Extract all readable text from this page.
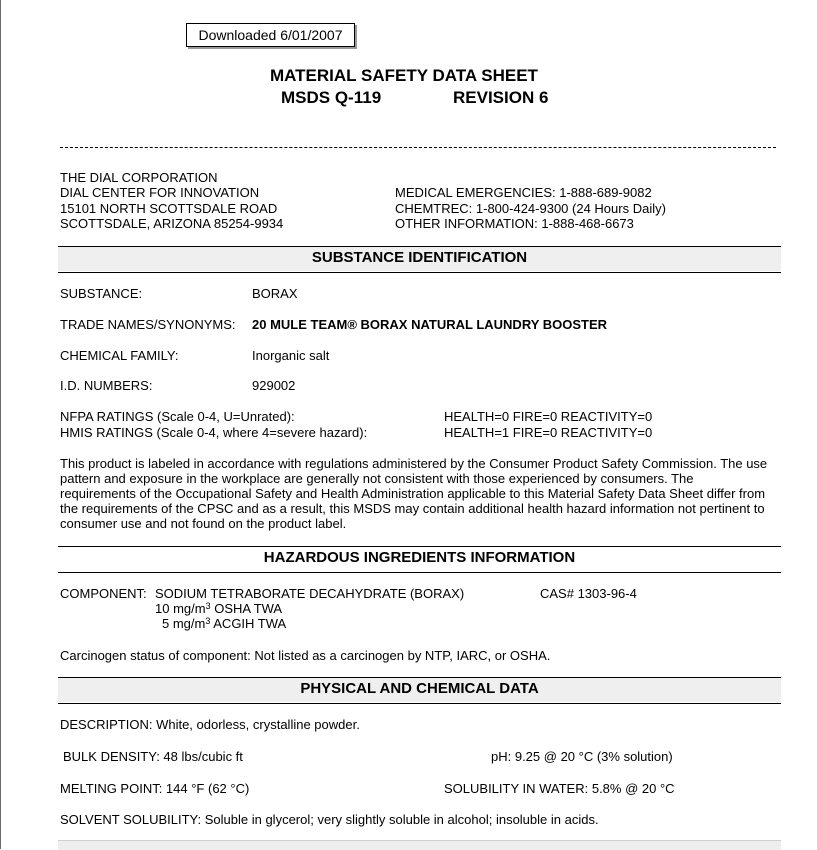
Downloaded 6/01/2007
MATERIAL SAFETY DATA SHEET
MSDS Q-119	REVISION 6
THE DIAL CORPORATION
DIAL CENTER FOR INNOVATION
15101 NORTH SCOTTSDALE ROAD
SCOTTSDALE, ARIZONA 85254-9934
MEDICAL EMERGENCIES: 1-888-689-9082
CHEMTREC: 1-800-424-9300 (24 Hours Daily)
OTHER INFORMATION: 1-888-468-6673
SUBSTANCE IDENTIFICATION
SUBSTANCE:	BORAX
TRADE NAMES/SYNONYMS: 20 MULE TEAM® BORAX NATURAL LAUNDRY BOOSTER
CHEMICAL FAMILY:	Inorganic salt
I.D. NUMBERS:	929002
NFPA RATINGS (Scale 0-4, U=Unrated):	HEALTH=0 FIRE=0 REACTIVITY=0
HMIS RATINGS (Scale 0-4, where 4=severe hazard):	HEALTH=1 FIRE=0 REACTIVITY=0
This product is labeled in accordance with regulations administered by the Consumer Product Safety Commission. The use pattern and exposure in the workplace are generally not consistent with those experienced by consumers. The requirements of the Occupational Safety and Health Administration applicable to this Material Safety Data Sheet differ from the requirements of the CPSC and as a result, this MSDS may contain additional health hazard information not pertinent to consumer use and not found on the product label.
HAZARDOUS INGREDIENTS INFORMATION
COMPONENT: SODIUM TETRABORATE DECAHYDRATE (BORAX)	CAS# 1303-96-4
10 $mg/m^3$ OSHA TWA
5 $mg/m^3$ ACGIH TWA
Carcinogen status of component: Not listed as a carcinogen by NTP, IARC, or OSHA.
PHYSICAL AND CHEMICAL DATA
DESCRIPTION: White, odorless, crystalline powder.
BULK DENSITY: 48 lbs/cubic ft	pH: 9.25 @ 20 °C (3% solution)
MELTING POINT: 144 °F (62 °C)	SOLUBILITY IN WATER: 5.8% @ 20 °C
SOLVENT SOLUBILITY: Soluble in glycerol; very slightly soluble in alcohol; insoluble in acids.
